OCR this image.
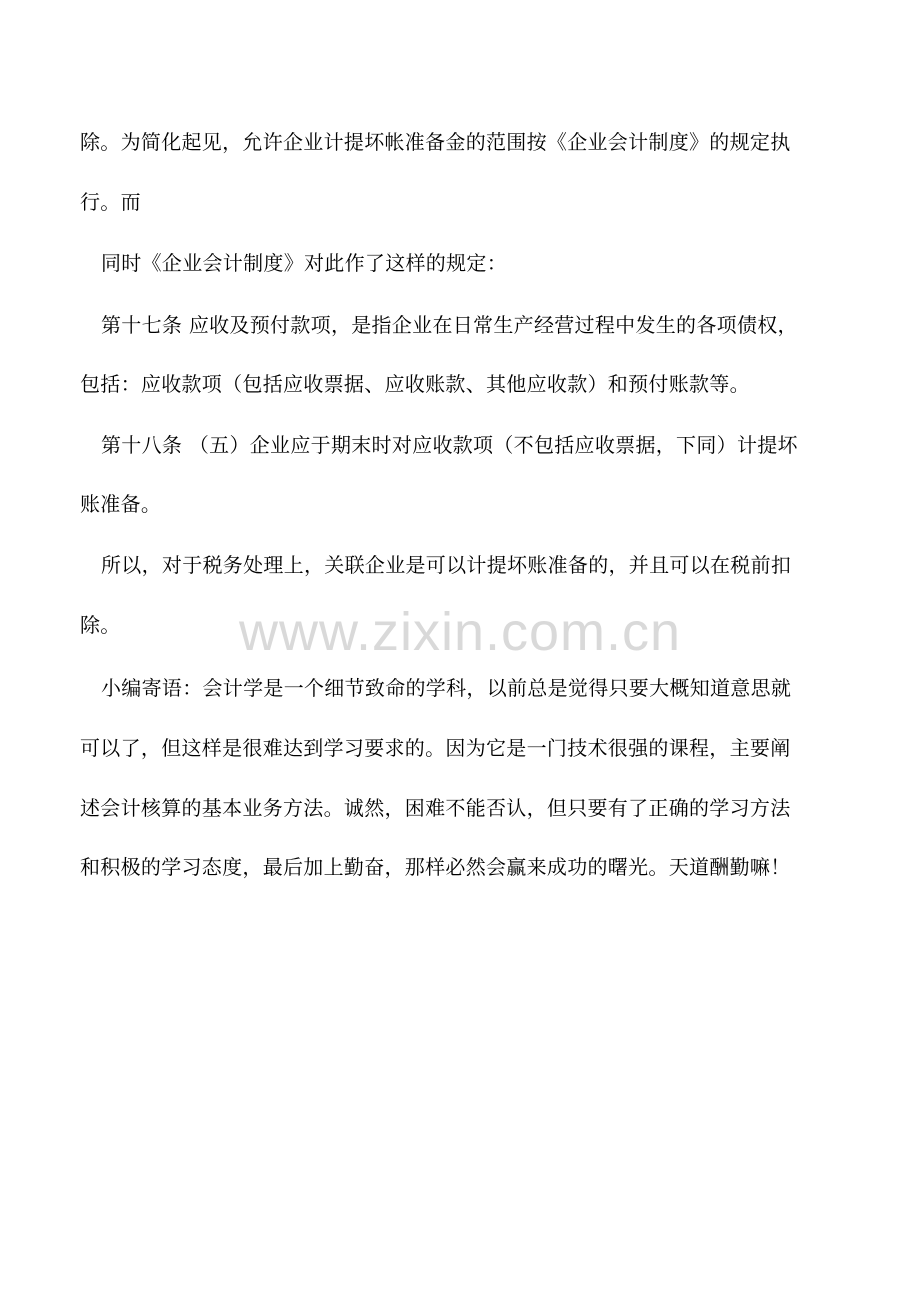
www.zixin.com.cn
除。为简化起见，允许企业计提坏帐准备金的范围按《企业会计制度》的规定执
行。而
同时《企业会计制度》对此作了这样的规定：
第十七条 应收及预付款项，是指企业在日常生产经营过程中发生的各项债权，
包括：应收款项（包括应收票据、应收账款、其他应收款）和预付账款等。
第十八条 （五）企业应于期末时对应收款项（不包括应收票据，下同）计提坏
账准备。
所以，对于税务处理上，关联企业是可以计提坏账准备的，并且可以在税前扣
除。
小编寄语：会计学是一个细节致命的学科，以前总是觉得只要大概知道意思就
可以了，但这样是很难达到学习要求的。因为它是一门技术很强的课程，主要阐
述会计核算的基本业务方法。诚然，困难不能否认，但只要有了正确的学习方法
和积极的学习态度，最后加上勤奋，那样必然会赢来成功的曙光。天道酬勤嘛！
